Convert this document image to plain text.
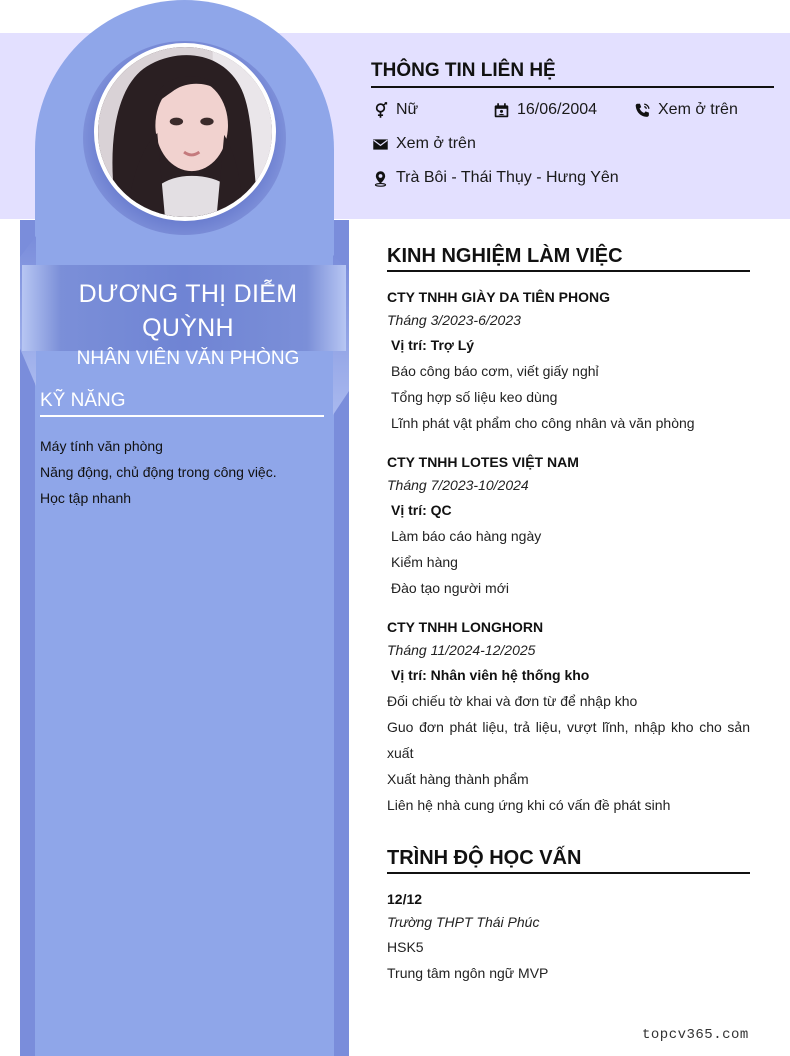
DƯƠNG THỊ DIỄM QUỲNH
NHÂN VIÊN VĂN PHÒNG
KỸ NĂNG
Máy tính văn phòng
Năng động, chủ động trong công việc.
Học tập nhanh
THÔNG TIN LIÊN HỆ
Nữ	16/06/2004	Xem ở trên
Xem ở trên
Trà Bôi - Thái Thụy - Hưng Yên
KINH NGHIỆM LÀM VIỆC
CTY TNHH GIÀY DA TIÊN PHONG
Tháng 3/2023-6/2023
Vị trí: Trợ Lý
Báo công báo cơm, viết giấy nghỉ
Tổng hợp số liệu keo dùng
Lĩnh phát vật phẩm cho công nhân và văn phòng
CTY TNHH LOTES VIỆT NAM
Tháng 7/2023-10/2024
Vị trí: QC
Làm báo cáo hàng ngày
Kiểm hàng
Đào tạo người mới
CTY TNHH LONGHORN
Tháng 11/2024-12/2025
Vị trí: Nhân viên hệ thống kho
Đối chiếu tờ khai và đơn từ để nhập kho
Guo đơn phát liệu, trả liệu, vượt lĩnh, nhập kho cho sản xuất
Xuất hàng thành phẩm
Liên hệ nhà cung ứng khi có vấn đề phát sinh
TRÌNH ĐỘ HỌC VẤN
12/12
Trường THPT Thái Phúc
HSK5
Trung tâm ngôn ngữ MVP
topcv365.com
